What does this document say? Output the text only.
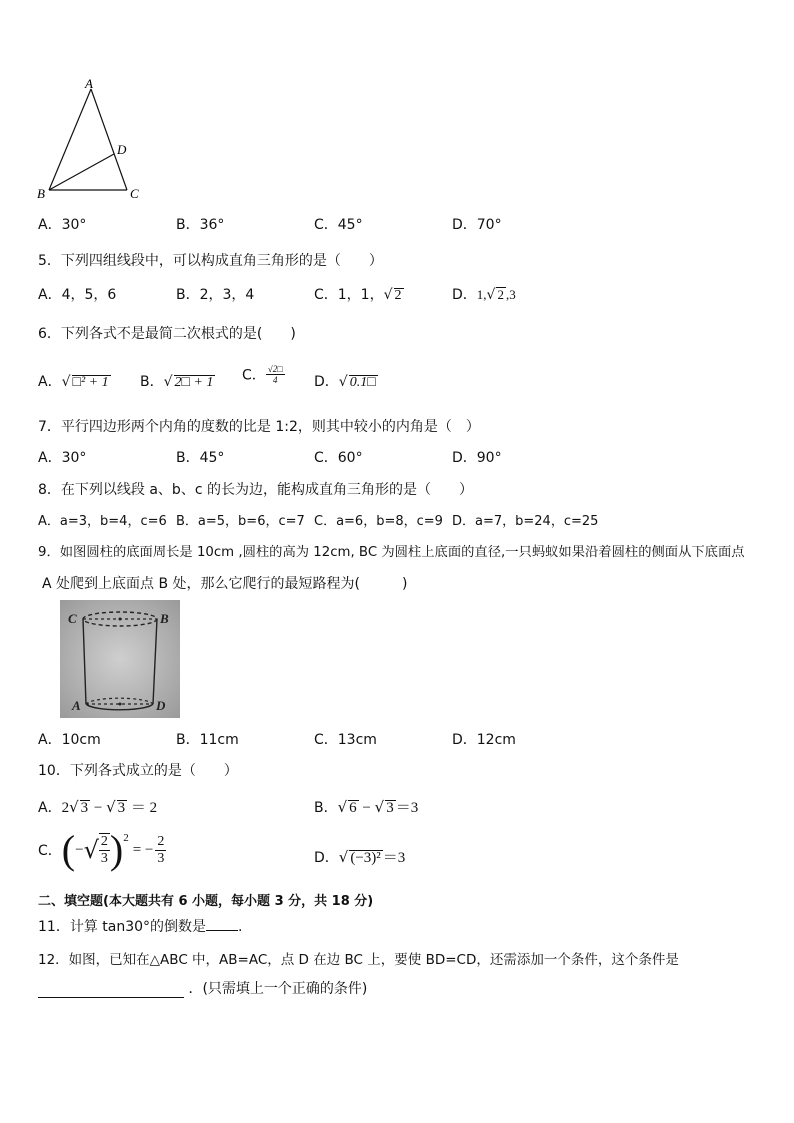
A
D
B	C
A．30°	B．36°	C．45°	D．70°
5．下列四组线段中，可以构成直角三角形的是（　　）
A．4，5，6	B．2，3，4	C．1，1，√ 2	D．1,√ 2 ,3
6．下列各式不是最简二次根式的是(　　)
A．√ □² + 1 B．√ 2□ + 1 C． $\frac{√2□}{4}$ D．√ 0.1□
7．平行四边形两个内角的度数的比是 1:2，则其中较小的内角是（　）
A．30°	B．45°	C．60°	D．90°
8．在下列以线段 a、b、c 的长为边，能构成直角三角形的是（　　）
A．a=3，b=4，c=6 B．a=5，b=6，c=7 C．a=6，b=8，c=9 D．a=7，b=24，c=25
9．如图圆柱的底面周长是 10cm ,圆柱的高为 12cm, BC 为圆柱上底面的直径,一只蚂蚁如果沿着圆柱的侧面从下底面点
A 处爬到上底面点 B 处，那么它爬行的最短路程为(　　　)
C	B
A	D
A．10cm	B．11cm	C．13cm	D．12cm
10．下列各式成立的是（　　）
A．2√ 3 − √ 3 ＝ 2	B．√ 6 − √ 3 ＝3
C． ( − √ $\frac{2}{3}$ ) 2
= − $\frac{2}{3}$	D．√ (−3)² ＝3
二、填空题(本大题共有 6 小题，每小题 3 分，共 18 分)
11．计算 tan30°的倒数是 .
12．如图，已知在△ABC 中，AB=AC，点 D 在边 BC 上，要使 BD=CD，还需添加一个条件，这个条件是
．(只需填上一个正确的条件)
